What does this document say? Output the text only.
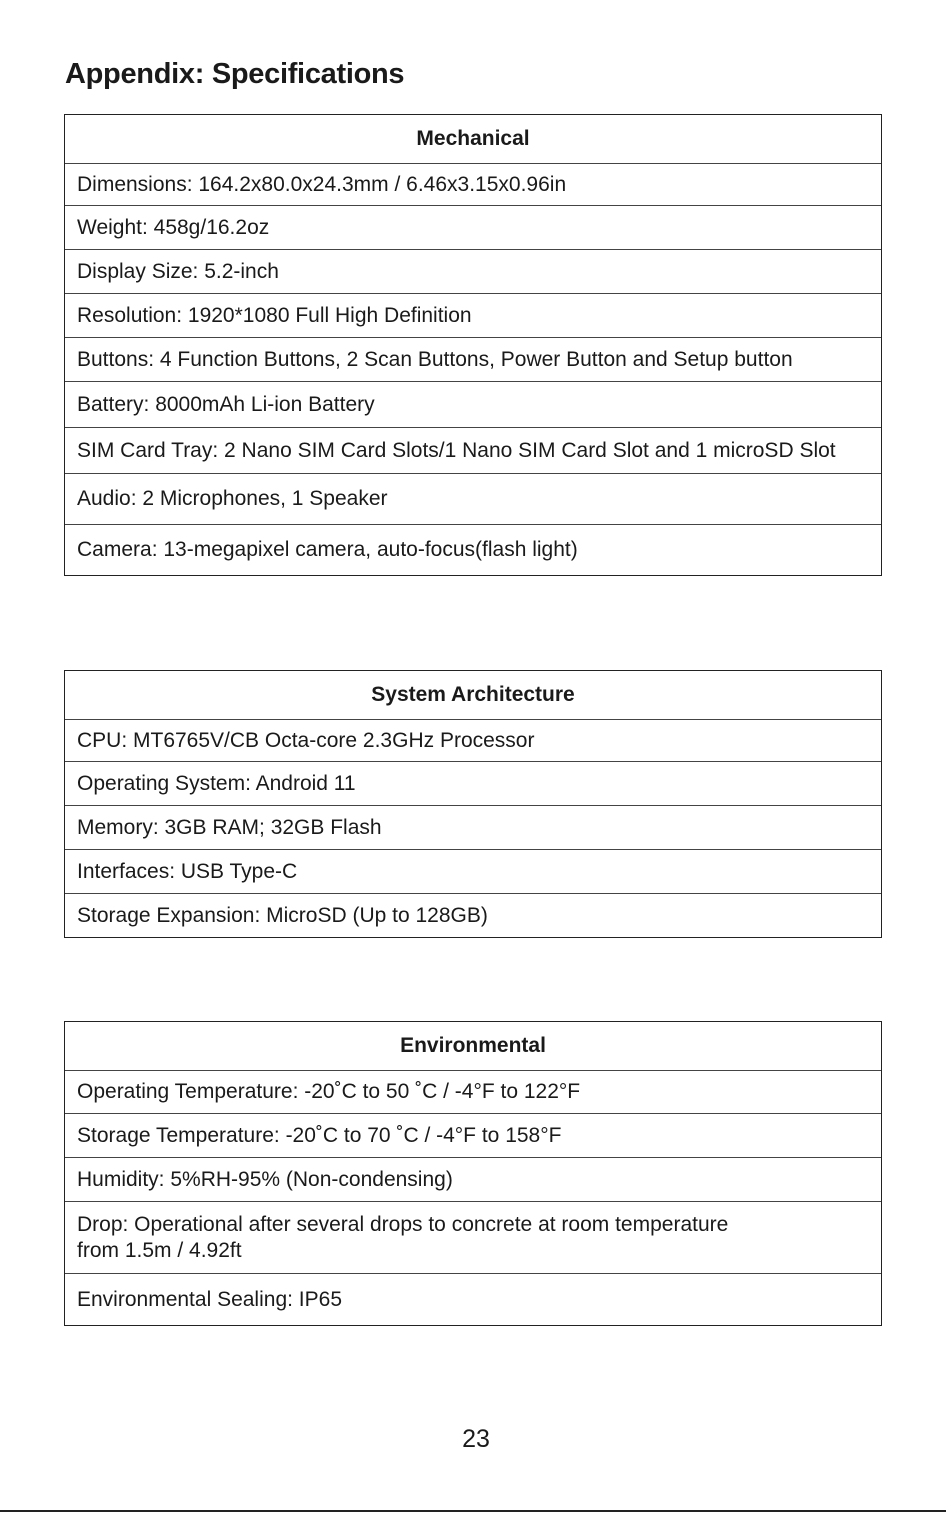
Appendix: Specifications
Mechanical
Dimensions: 164.2x80.0x24.3mm / 6.46x3.15x0.96in
Weight: 458g/16.2oz
Display Size: 5.2-inch
Resolution: 1920*1080 Full High Definition
Buttons: 4 Function Buttons, 2 Scan Buttons, Power Button and Setup button
Battery: 8000mAh Li-ion Battery
SIM Card Tray: 2 Nano SIM Card Slots/1 Nano SIM Card Slot and 1 microSD Slot
Audio: 2 Microphones, 1 Speaker
Camera: 13-megapixel camera, auto-focus(flash light)
System Architecture
CPU: MT6765V/CB Octa-core 2.3GHz Processor
Operating System: Android 11
Memory: 3GB RAM; 32GB Flash
Interfaces: USB Type-C
Storage Expansion: MicroSD (Up to 128GB)
Environmental
Operating Temperature: -20˚C to 50 ˚C / -4°F to 122°F
Storage Temperature: -20˚C to 70 ˚C / -4°F to 158°F
Humidity: 5%RH-95% (Non-condensing)
Drop: Operational after several drops to concrete at room temperature
from 1.5m / 4.92ft
Environmental Sealing: IP65
23
